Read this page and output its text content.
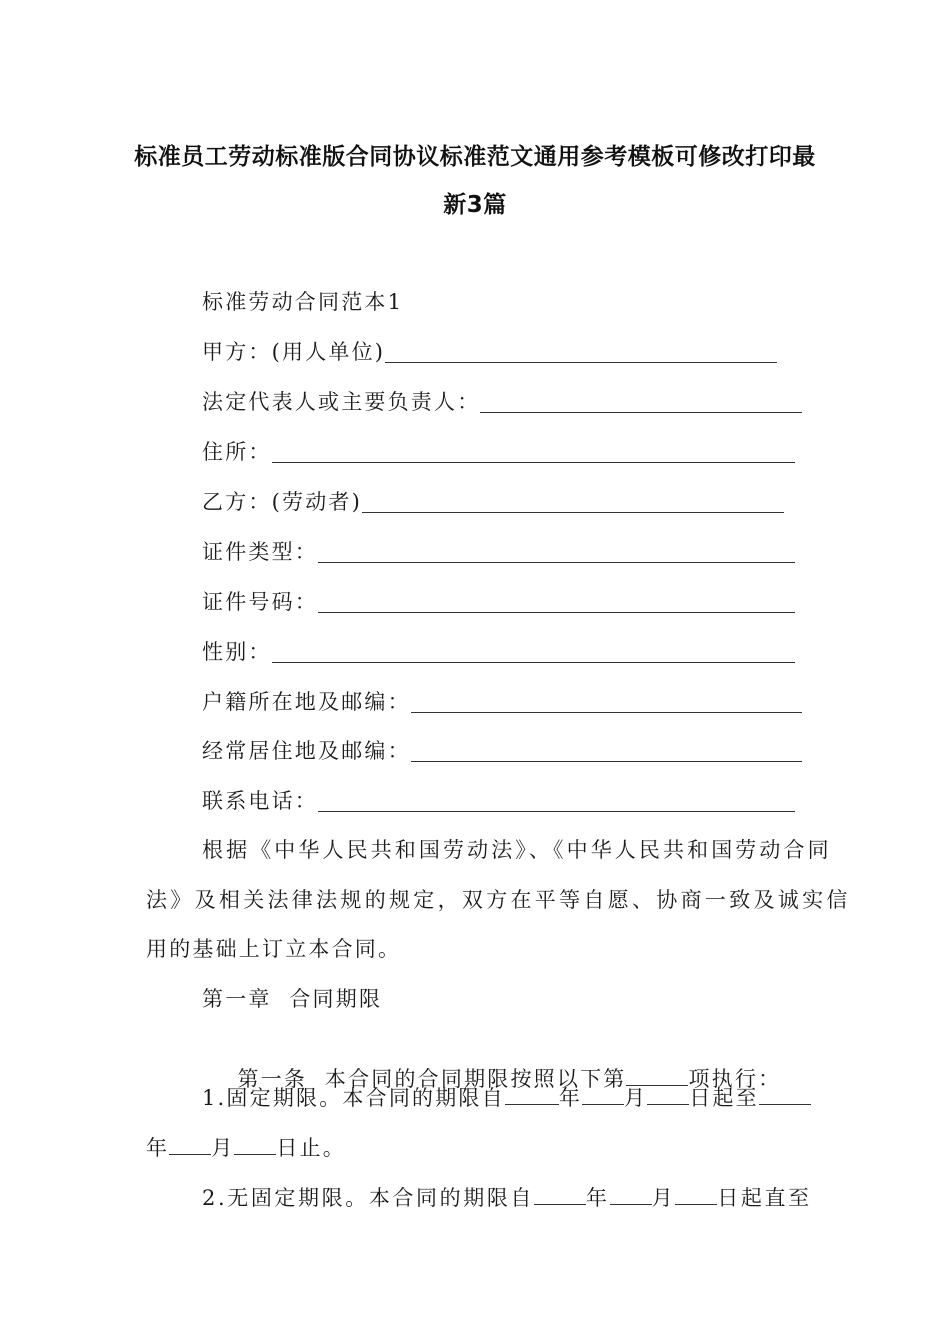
标准员工劳动标准版合同协议标准范文通用参考模板可修改打印最
新3篇
标准劳动合同范本1
甲方：(用人单位)
法定代表人或主要负责人：
住所：
乙方：(劳动者)
证件类型：
证件号码：
性别：
户籍所在地及邮编：
经常居住地及邮编：
联系电话：
根据《中华人民共和国劳动法》、《中华人民共和国劳动合同
法》及相关法律法规的规定，双方在平等自愿、协商一致及诚实信
用的基础上订立本合同。
第一章  合同期限

第一条  本合同的合同期限按照以下第	项执行：

1.固定期限。本合同的期限自	年 月 日起至
年 月 日止。
2.无固定期限。本合同的期限自 年 月 日起直至
